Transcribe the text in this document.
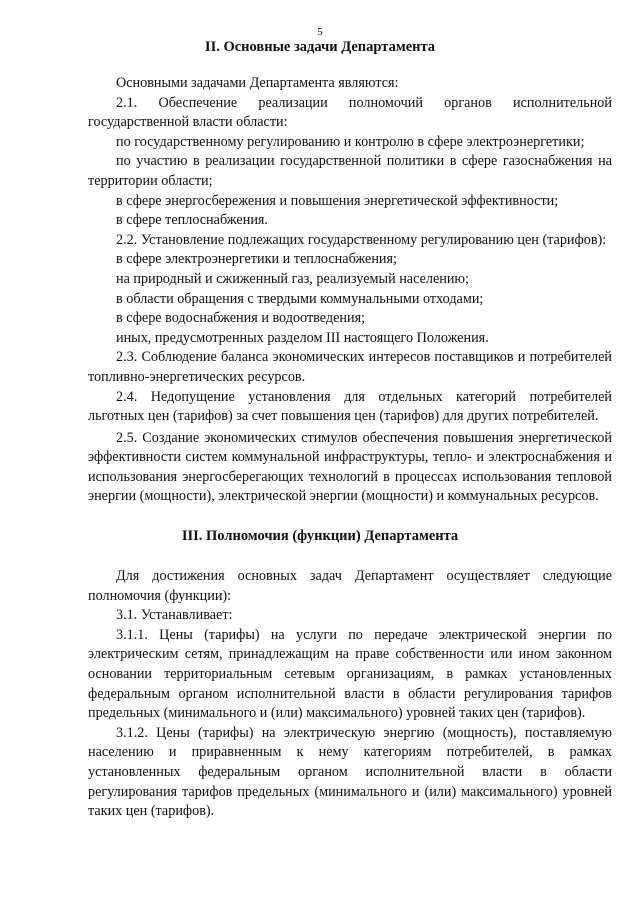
5
II. Основные задачи Департамента

Основными задачами Департамента являются:

2.1. Обеспечение реализации полномочий органов исполнительной государственной власти области:

по государственному регулированию и контролю в сфере электроэнергетики;

по участию в реализации государственной политики в сфере газоснабжения на территории области;

в сфере энергосбережения и повышения энергетической эффективности;

в сфере теплоснабжения.

2.2. Установление подлежащих государственному регулированию цен (тарифов):

в сфере электроэнергетики и теплоснабжения;

на природный и сжиженный газ, реализуемый населению;

в области обращения с твердыми коммунальными отходами;

в сфере водоснабжения и водоотведения;

иных, предусмотренных разделом III настоящего Положения.

2.3. Соблюдение баланса экономических интересов поставщиков и потребителей топливно-энергетических ресурсов.

2.4. Недопущение установления для отдельных категорий потребителей льготных цен (тарифов) за счет повышения цен (тарифов) для других потребителей.

2.5. Создание экономических стимулов обеспечения повышения энергетической эффективности систем коммунальной инфраструктуры, тепло- и электроснабжения и использования энергосберегающих технологий в процессах использования тепловой энергии (мощности), электрической энергии (мощности) и коммунальных ресурсов.

III. Полномочия (функции) Департамента

Для достижения основных задач Департамент осуществляет следующие полномочия (функции):

3.1. Устанавливает:

3.1.1. Цены (тарифы) на услуги по передаче электрической энергии по электрическим сетям, принадлежащим на праве собственности или ином законном основании территориальным сетевым организациям, в рамках установленных федеральным органом исполнительной власти в области регулирования тарифов предельных (минимального и (или) максимального) уровней таких цен (тарифов).

3.1.2. Цены (тарифы) на электрическую энергию (мощность), поставляемую населению и приравненным к нему категориям потребителей, в рамках установленных федеральным органом исполнительной власти в области регулирования тарифов предельных (минимального и (или) максимального) уровней таких цен (тарифов).
